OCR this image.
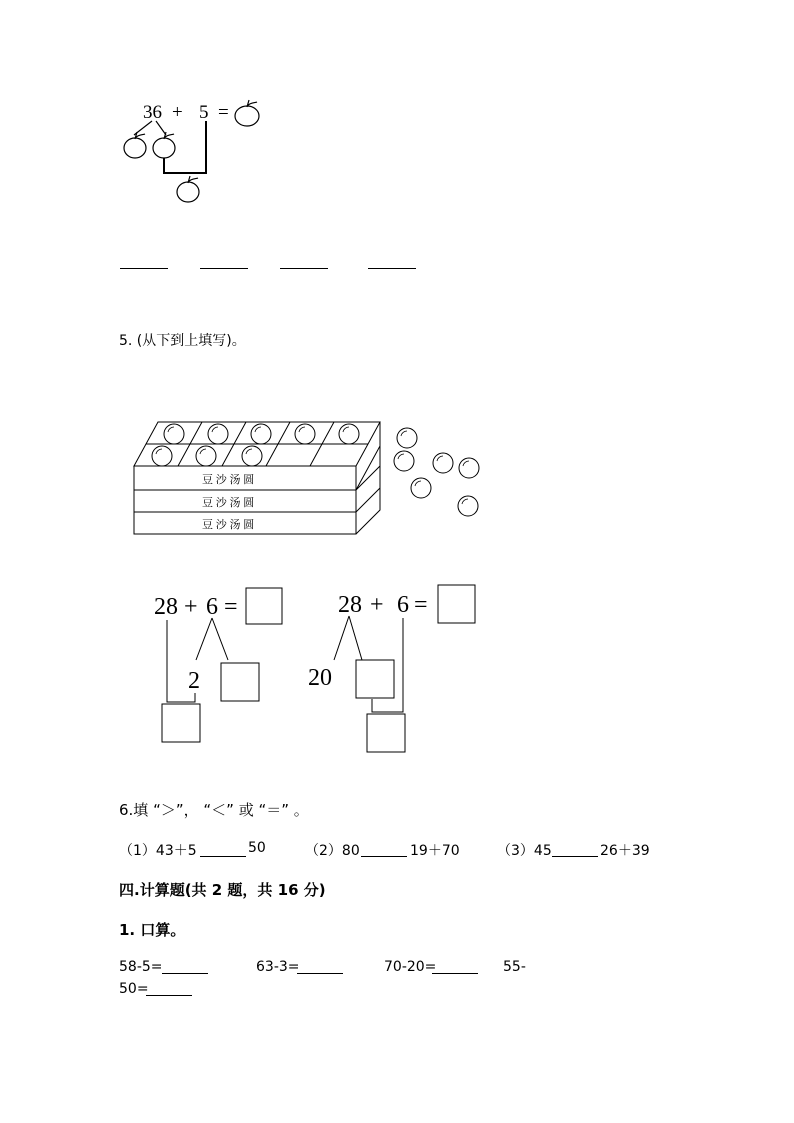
36 + 5 =
5. (从下到上填写)。
豆 沙 汤 圆
豆 沙 汤 圆
豆 沙 汤 圆
28 + 6 =
2
28 + 6 =
20
6.填 “＞”， “＜” 或 “＝” 。
（1）43＋5	50	（2）80	19＋70	（3）45	26＋39
四.计算题(共 2 题，共 16 分)
1. 口算。
58-5=	63-3=	70-20=	55-
50=
